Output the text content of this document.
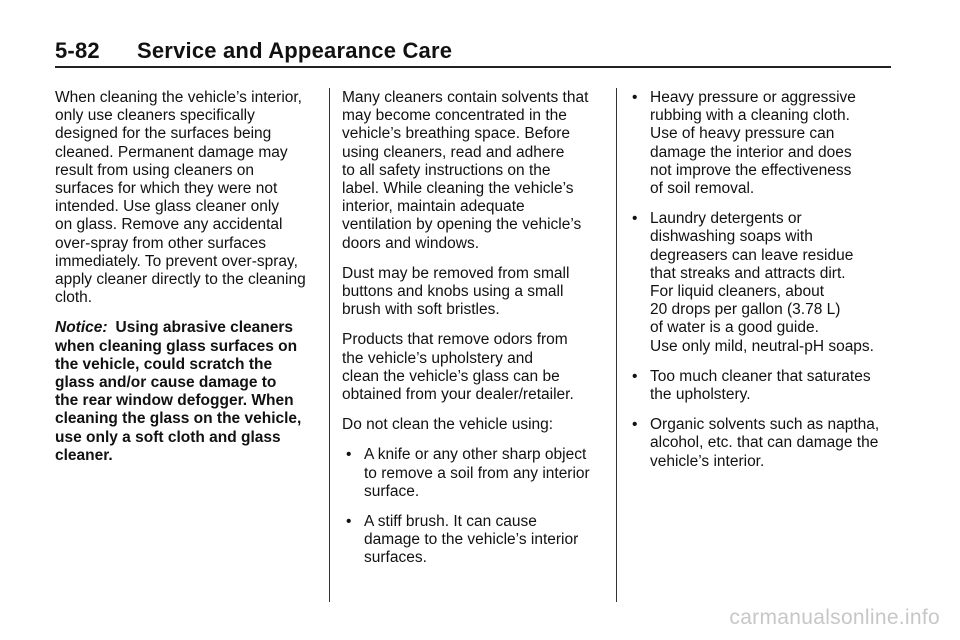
5-82 Service and Appearance Care
When cleaning the vehicle’s interior,
only use cleaners specifically
designed for the surfaces being
cleaned. Permanent damage may
result from using cleaners on
surfaces for which they were not
intended. Use glass cleaner only
on glass. Remove any accidental
over-spray from other surfaces
immediately. To prevent over-spray,
apply cleaner directly to the cleaning
cloth.
Notice: Using abrasive cleaners
when cleaning glass surfaces on
the vehicle, could scratch the
glass and/or cause damage to
the rear window defogger. When
cleaning the glass on the vehicle,
use only a soft cloth and glass
cleaner.
Many cleaners contain solvents that
may become concentrated in the
vehicle’s breathing space. Before
using cleaners, read and adhere
to all safety instructions on the
label. While cleaning the vehicle’s
interior, maintain adequate
ventilation by opening the vehicle’s
doors and windows.
Dust may be removed from small
buttons and knobs using a small
brush with soft bristles.
Products that remove odors from
the vehicle’s upholstery and
clean the vehicle’s glass can be
obtained from your dealer/retailer.
Do not clean the vehicle using:
• A knife or any other sharp object
to remove a soil from any interior
surface.
• A stiff brush. It can cause
damage to the vehicle’s interior
surfaces.
• Heavy pressure or aggressive
rubbing with a cleaning cloth.
Use of heavy pressure can
damage the interior and does
not improve the effectiveness
of soil removal.
• Laundry detergents or
dishwashing soaps with
degreasers can leave residue
that streaks and attracts dirt.
For liquid cleaners, about
20 drops per gallon (3.78 L)
of water is a good guide.
Use only mild, neutral-pH soaps.
• Too much cleaner that saturates
the upholstery.
• Organic solvents such as naptha,
alcohol, etc. that can damage the
vehicle’s interior.
carmanualsonline.info
